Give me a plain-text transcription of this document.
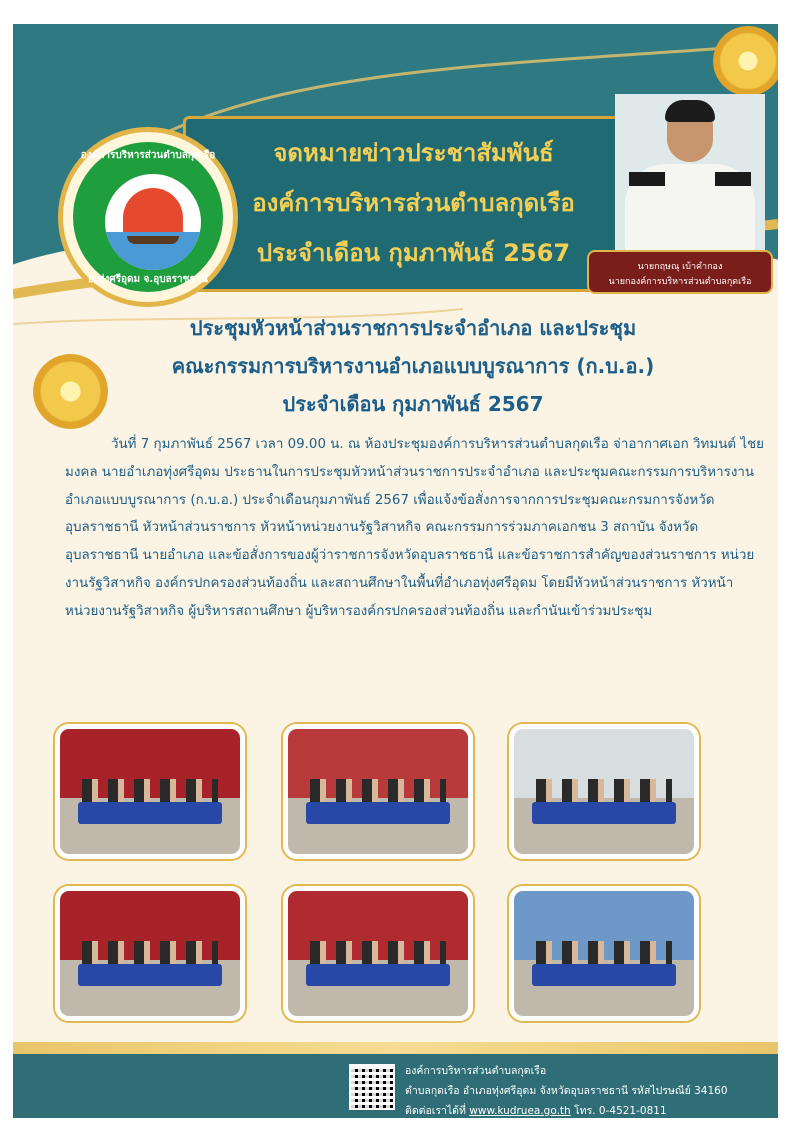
จดหมายข่าวประชาสัมพันธ์
องค์การบริหารส่วนตำบลกุดเรือ
ประจำเดือน กุมภาพันธ์ 2567
องค์การบริหารส่วนตำบลกุดเรือ
อ.ทุ่งศรีอุดม จ.อุบลราชธานี
นายกฤษณุ เบ้าคำกอง
นายกองค์การบริหารส่วนตำบลกุดเรือ
ประชุมหัวหน้าส่วนราชการประจำอำเภอ และประชุม
คณะกรรมการบริหารงานอำเภอแบบบูรณาการ (ก.บ.อ.)
ประจำเดือน กุมภาพันธ์ 2567

วันที่ 7 กุมภาพันธ์ 2567 เวลา 09.00 น. ณ ห้องประชุมองค์การบริหารส่วนตำบลกุดเรือ จ่าอากาศเอก วิทมนต์ ไชยมงคล นายอำเภอทุ่งศรีอุดม ประธานในการประชุมหัวหน้าส่วนราชการประจำอำเภอ และประชุมคณะกรรมการบริหารงานอำเภอแบบบูรณาการ (ก.บ.อ.) ประจำเดือนกุมภาพันธ์ 2567 เพื่อแจ้งข้อสั่งการจากการประชุมคณะกรมการจังหวัดอุบลราชธานี หัวหน้าส่วนราชการ หัวหน้าหน่วยงานรัฐวิสาหกิจ คณะกรรมการร่วมภาคเอกชน 3 สถาบัน จังหวัดอุบลราชธานี นายอำเภอ และข้อสั่งการของผู้ว่าราชการจังหวัดอุบลราชธานี และข้อราชการสำคัญของส่วนราชการ หน่วยงานรัฐวิสาหกิจ องค์กรปกครองส่วนท้องถิ่น และสถานศึกษาในพื้นที่อำเภอทุ่งศรีอุดม โดยมีหัวหน้าส่วนราชการ หัวหน้าหน่วยงานรัฐวิสาหกิจ ผู้บริหารสถานศึกษา ผู้บริหารองค์กรปกครองส่วนท้องถิ่น และกำนันเข้าร่วมประชุม

องค์การบริหารส่วนตำบลกุดเรือ
ตำบลกุดเรือ อำเภอทุ่งศรีอุดม จังหวัดอุบลราชธานี รหัสไปรษณีย์ 34160
ติดต่อเราได้ที่ www.kudruea.go.th โทร. 0-4521-0811
